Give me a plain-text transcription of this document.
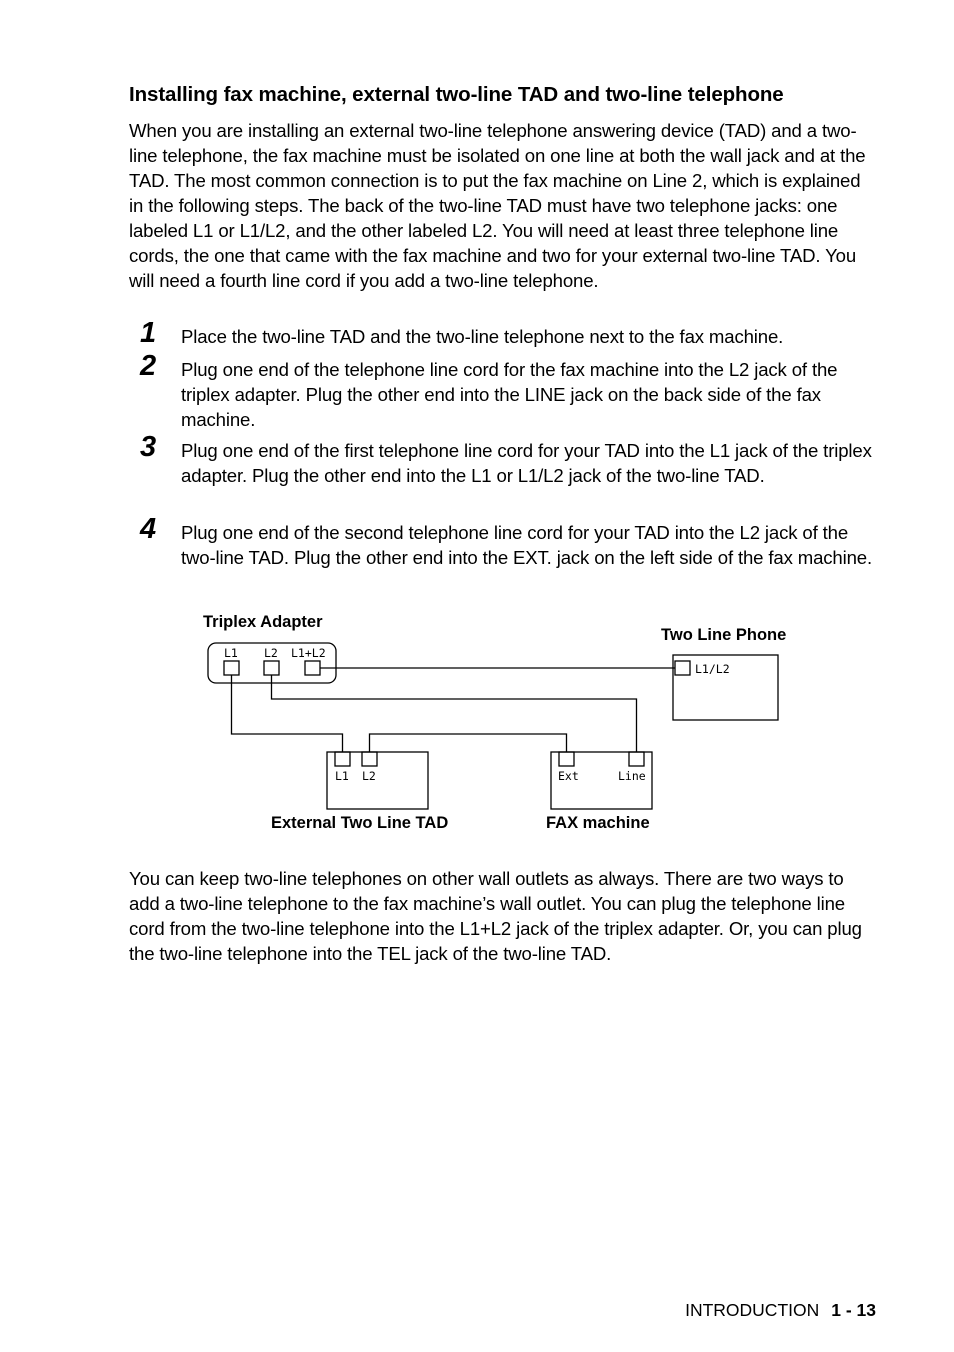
Installing fax machine, external two-line TAD and two-line telephone

When you are installing an external two-line telephone answering device (TAD) and a two-line telephone, the fax machine must be isolated on one line at both the wall jack and at the TAD. The most common connection is to put the fax machine on Line 2, which is explained in the following steps. The back of the two-line TAD must have two telephone jacks: one labeled L1 or L1/L2, and the other labeled L2. You will need at least three telephone line cords, the one that came with the fax machine and two for your external two-line TAD. You will need a fourth line cord if you add a two-line telephone.

1 Place the two-line TAD and the two-line telephone next to the fax machine.

2 Plug one end of the telephone line cord for the fax machine into the L2 jack of the triplex adapter. Plug the other end into the LINE jack on the back side of the fax machine.

3 Plug one end of the first telephone line cord for your TAD into the L1 jack of the triplex adapter. Plug the other end into the L1 or L1/L2 jack of the two-line TAD.

4 Plug one end of the second telephone line cord for your TAD into the L2 jack of the two-line TAD. Plug the other end into the EXT. jack on the left side of the fax machine.

Triplex Adapter
Two Line Phone
External Two Line TAD	FAX machine
L1 L2 L1+L2
L1/L2
L1 L2	Ext	Line

You can keep two-line telephones on other wall outlets as always. There are two ways to add a two-line telephone to the fax machine’s wall outlet. You can plug the telephone line cord from the two-line telephone into the L1+L2 jack of the triplex adapter. Or, you can plug the two-line telephone into the TEL jack of the two-line TAD.

INTRODUCTION 1 - 13
